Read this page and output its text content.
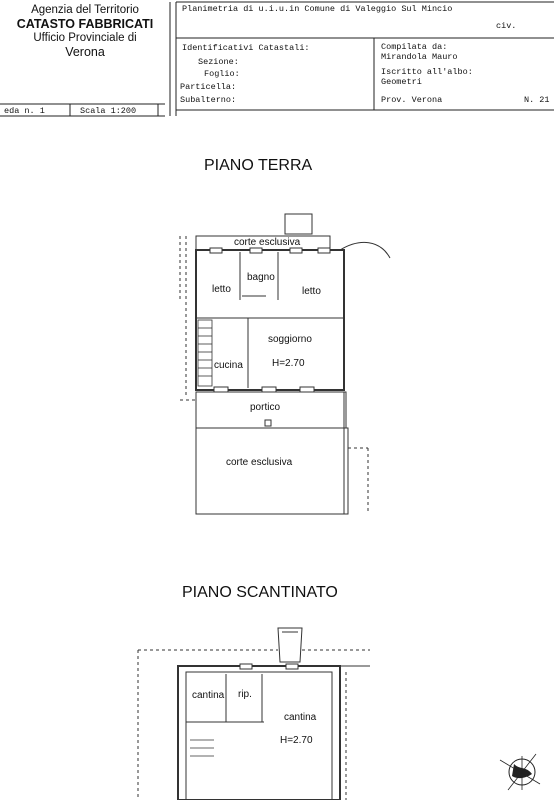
Agenzia del Territorio
CATASTO FABBRICATI
Ufficio Provinciale di
Verona
eda n. 1	Scala 1:200
Planimetria di u.i.u.in Comune di Valeggio Sul Mincio
civ.
Identificativi Catastali:
Sezione:
Foglio:
Particella:
Subalterno:
Compilata da:
Mirandola Mauro
Iscritto all'albo:
Geometri
Prov. Verona	N. 21
PIANO TERRA
PIANO SCANTINATO
corte esclusiva
letto
bagno
letto
soggiorno
H=2.70
cucina
portico
corte esclusiva
cantina rip.
cantina
H=2.70
